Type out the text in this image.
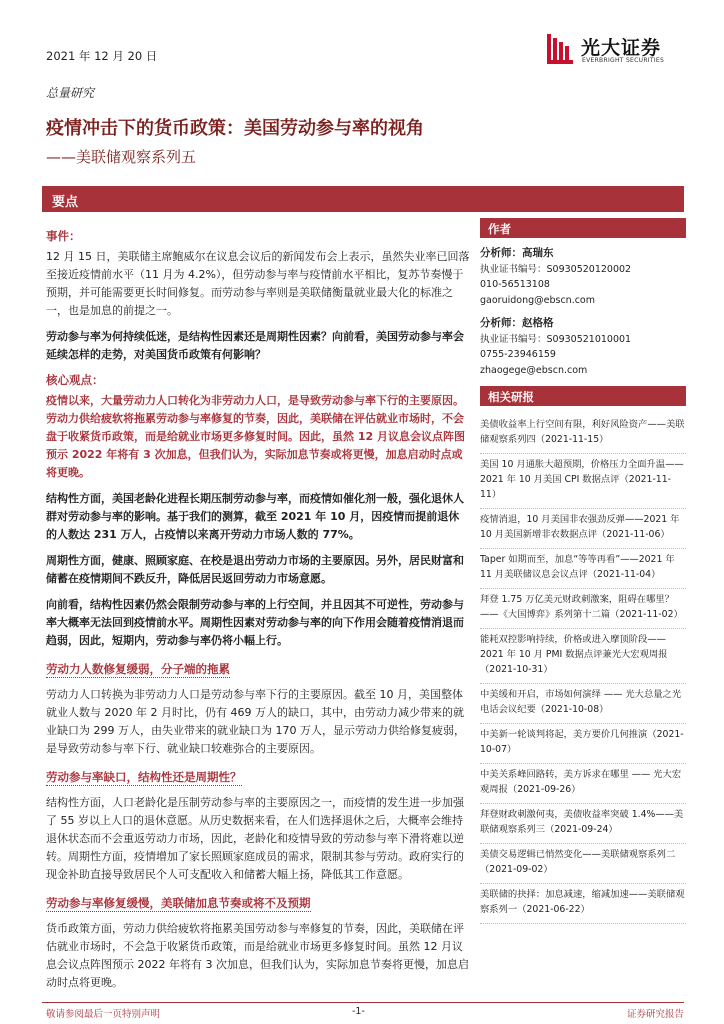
2021 年 12 月 20 日	光大证券
EVERBRIGHT SECURITIES
总量研究
疫情冲击下的货币政策：美国劳动参与率的视角
——美联储观察系列五
要点
事件：

12 月 15 日，美联储主席鲍威尔在议息会议后的新闻发布会上表示，虽然失业率已回落至接近疫情前水平（11 月为 4.2%），但劳动参与率与疫情前水平相比，复苏节奏慢于预期，并可能需要更长时间修复。而劳动参与率则是美联储衡量就业最大化的标准之一，也是加息的前提之一。

劳动参与率为何持续低迷，是结构性因素还是周期性因素？向前看，美国劳动参与率会延续怎样的走势，对美国货币政策有何影响？

核心观点：

疫情以来，大量劳动力人口转化为非劳动力人口，是导致劳动参与率下行的主要原因。劳动力供给疲软将拖累劳动参与率修复的节奏，因此，美联储在评估就业市场时，不会盘于收紧货币政策，而是给就业市场更多修复时间。因此，虽然 12 月议息会议点阵图预示 2022 年将有 3 次加息，但我们认为，实际加息节奏或将更慢，加息启动时点或将更晚。

结构性方面，美国老龄化进程长期压制劳动参与率，而疫情如催化剂一般，强化退休人群对劳动参与率的影响。基于我们的测算，截至 2021 年 10 月，因疫情而提前退休的人数达 231 万人，占疫情以来离开劳动力市场人数的 77%。

周期性方面，健康、照顾家庭、在校是退出劳动力市场的主要原因。另外，居民财富和储蓄在疫情期间不跌反升，降低居民返回劳动力市场意愿。

向前看，结构性因素仍然会限制劳动参与率的上行空间，并且因其不可逆性，劳动参与率大概率无法回到疫情前水平。周期性因素对劳动参与率的向下作用会随着疫情消退而趋弱，因此，短期内，劳动参与率仍将小幅上行。

劳动力人数修复缓弱，分子端的拖累

劳动力人口转换为非劳动力人口是劳动参与率下行的主要原因。截至 10 月，美国整体就业人数与 2020 年 2 月时比，仍有 469 万人的缺口，其中，由劳动力减少带来的就业缺口为 299 万人，由失业带来的就业缺口为 170 万人，显示劳动力供给修复疲弱，是导致劳动参与率下行、就业缺口较难弥合的主要原因。

劳动参与率缺口，结构性还是周期性？

结构性方面，人口老龄化是压制劳动参与率的主要原因之一，而疫情的发生进一步加强了 55 岁以上人口的退休意愿。从历史数据来看，在人们选择退休之后，大概率会维持退休状态而不会重返劳动力市场，因此，老龄化和疫情导致的劳动参与率下滑将难以逆转。周期性方面，疫情增加了家长照顾家庭成员的需求，限制其参与劳动。政府实行的现金补助直接导致居民个人可支配收入和储蓄大幅上扬，降低其工作意愿。

劳动参与率修复缓慢，美联储加息节奏或将不及预期

货币政策方面，劳动力供给疲软将拖累美国劳动参与率修复的节奏，因此，美联储在评估就业市场时，不会急于收紧货币政策，而是给就业市场更多修复时间。虽然 12 月议息会议点阵图预示 2022 年将有 3 次加息，但我们认为，实际加息节奏将更慢，加息启动时点将更晚。

作者
分析师：高瑞东
执业证书编号：S0930520120002
010-56513108
gaoruidong@ebscn.com
分析师：赵格格
执业证书编号：S0930521010001
0755-23946159
zhaogege@ebscn.com
相关研报
美债收益率上行空间有限，利好风险资产——美联储观察系列四（2021-11-15）
美国 10 月通胀大超预期，价格压力全面升温——2021 年 10 月美国 CPI 数据点评（2021-11-11）
疫情消退，10 月美国非农强劲反弹——2021 年 10 月美国新增非农数据点评（2021-11-06）
Taper 如期而至，加息“等等再看”——2021 年 11 月美联储议息会议点评（2021-11-04）
拜登 1.75 万亿美元财政刺激案，阻碍在哪里？——《大国博弈》系列第十二篇（2021-11-02）
能耗双控影响持续，价格或进入摩顶阶段——2021 年 10 月 PMI 数据点评兼光大宏观周报（2021-10-31）
中美缓和开启，市场如何演绎 —— 光大总量之光电话会议纪要（2021-10-08）
中美新一轮谈判将起，美方要价几何推演（2021-10-07）
中美关系峰回路转，美方诉求在哪里 —— 光大宏观周报（2021-09-26）
拜登财政刺激何夷，美债收益率突破 1.4%——美联储观察系列三（2021-09-24）
美债交易逻辑已悄然变化——美联储观察系列二（2021-09-02）
美联储的抉择：加息减速，缩减加速——美联储观察系列一（2021-06-22）
敬请参阅最后一页特别声明	-1-	证券研究报告
